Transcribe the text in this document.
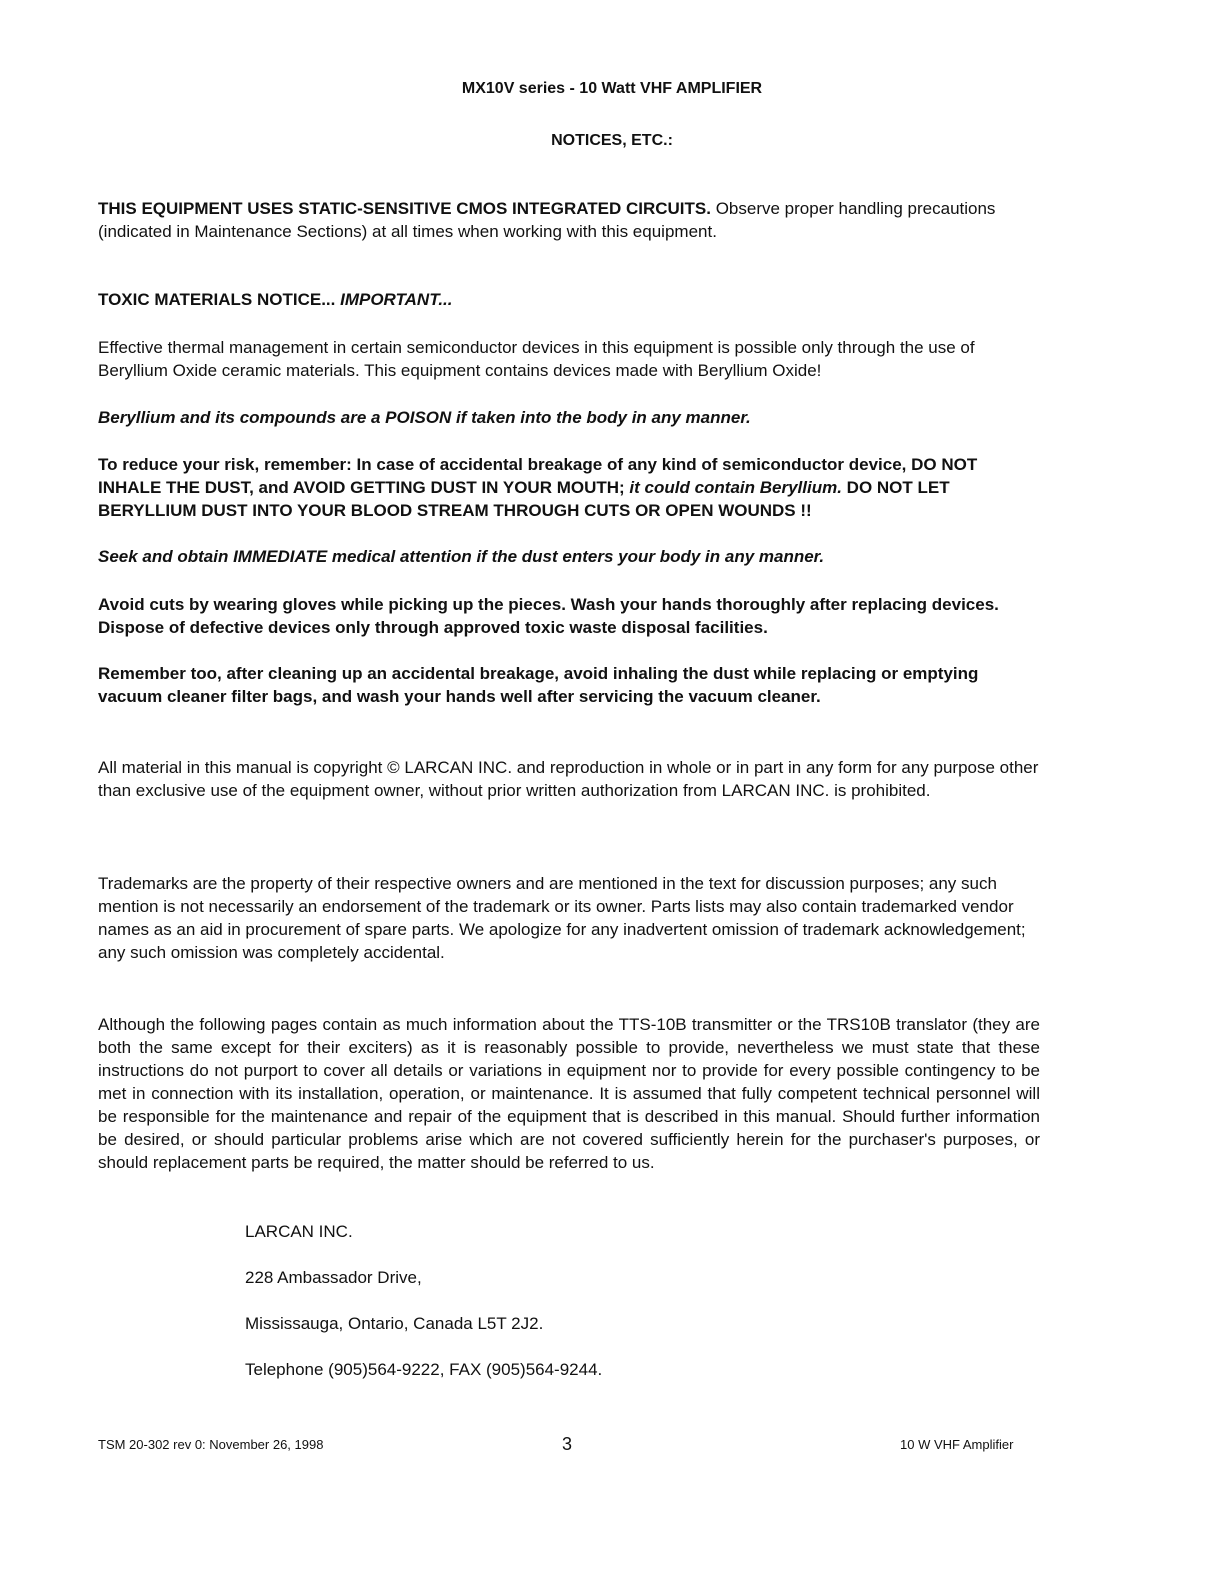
MX10V series - 10 Watt VHF AMPLIFIER
NOTICES, ETC.:

THIS EQUIPMENT USES STATIC-SENSITIVE CMOS INTEGRATED CIRCUITS. Observe proper handling precautions (indicated in Maintenance Sections) at all times when working with this equipment.

TOXIC MATERIALS NOTICE... IMPORTANT...

Effective thermal management in certain semiconductor devices in this equipment is possible only through the use of Beryllium Oxide ceramic materials. This equipment contains devices made with Beryllium Oxide!

Beryllium and its compounds are a POISON if taken into the body in any manner.

To reduce your risk, remember: In case of accidental breakage of any kind of semiconductor device, DO NOT INHALE THE DUST, and AVOID GETTING DUST IN YOUR MOUTH; it could contain Beryllium. DO NOT LET BERYLLIUM DUST INTO YOUR BLOOD STREAM THROUGH CUTS OR OPEN WOUNDS !!

Seek and obtain IMMEDIATE medical attention if the dust enters your body in any manner.

Avoid cuts by wearing gloves while picking up the pieces. Wash your hands thoroughly after replacing devices. Dispose of defective devices only through approved toxic waste disposal facilities.

Remember too, after cleaning up an accidental breakage, avoid inhaling the dust while replacing or emptying vacuum cleaner filter bags, and wash your hands well after servicing the vacuum cleaner.

All material in this manual is copyright © LARCAN INC. and reproduction in whole or in part in any form for any purpose other than exclusive use of the equipment owner, without prior written authorization from LARCAN INC. is prohibited.

Trademarks are the property of their respective owners and are mentioned in the text for discussion purposes; any such mention is not necessarily an endorsement of the trademark or its owner. Parts lists may also contain trademarked vendor names as an aid in procurement of spare parts. We apologize for any inadvertent omission of trademark acknowledgement; any such omission was completely accidental.

Although the following pages contain as much information about the TTS-10B transmitter or the TRS10B translator (they are both the same except for their exciters) as it is reasonably possible to provide, nevertheless we must state that these instructions do not purport to cover all details or variations in equipment nor to provide for every possible contingency to be met in connection with its installation, operation, or maintenance. It is assumed that fully competent technical personnel will be responsible for the maintenance and repair of the equipment that is described in this manual. Should further information be desired, or should particular problems arise which are not covered sufficiently herein for the purchaser's purposes, or should replacement parts be required, the matter should be referred to us.

LARCAN INC.
228 Ambassador Drive,
Mississauga, Ontario, Canada L5T 2J2.
Telephone (905)564-9222, FAX (905)564-9244.
TSM 20-302 rev 0: November 26, 1998	3	10 W VHF Amplifier
